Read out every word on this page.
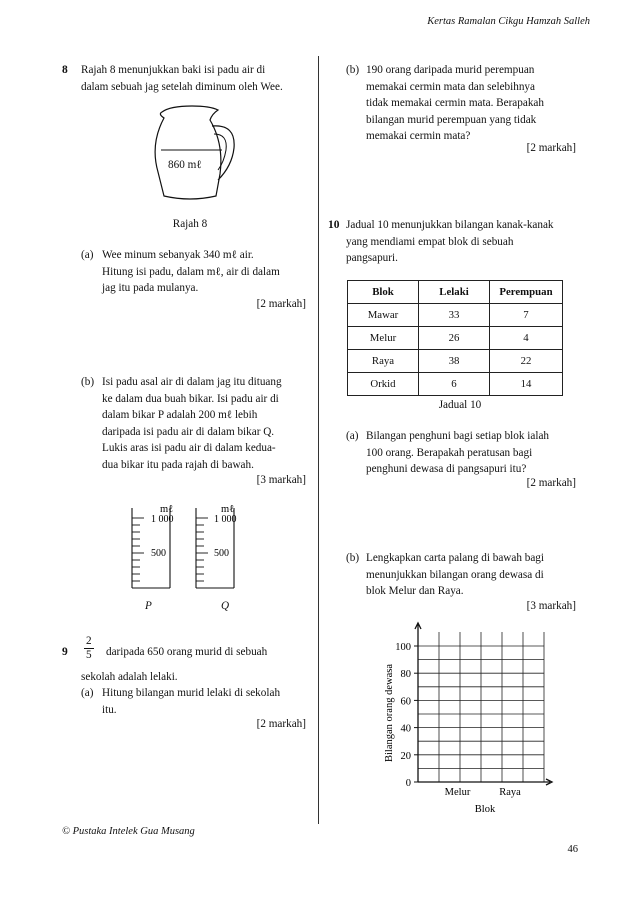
Kertas Ramalan Cikgu Hamzah Salleh
8 Rajah 8 menunjukkan baki isi padu air di

dalam sebuah jag setelah diminum oleh Wee.

860 mℓ
Rajah 8
(a) Wee minum sebanyak 340 mℓ air.

Hitung isi padu, dalam mℓ, air di dalam

jag itu pada mulanya.

[2 markah]
(b) Isi padu asal air di dalam jag itu dituang

ke dalam dua buah bikar. Isi padu air di

dalam bikar P adalah 200 mℓ lebih

daripada isi padu air di dalam bikar Q.

Lukis aras isi padu air di dalam kedua-

dua bikar itu pada rajah di bawah.

[3 markah]
mℓ
1 000
500
mℓ
1 000
500
P	Q
$9 \frac{2}{5}$ daripada 650 orang murid di sebuah
sekolah adalah lelaki.
(a) Hitung bilangan murid lelaki di sekolah

itu.

[2 markah]
(b) 190 orang daripada murid perempuan

memakai cermin mata dan selebihnya

tidak memakai cermin mata. Berapakah

bilangan murid perempuan yang tidak

memakai cermin mata?

[2 markah]
10 Jadual 10 menunjukkan bilangan kanak-kanak

yang mendiami empat blok di sebuah

pangsapuri.

Blok	Lelaki	Perempuan
Mawar	33	7
Melur	26	4
Raya	38	22
Orkid	6	14
Jadual 10
(a) Bilangan penghuni bagi setiap blok ialah

100 orang. Berapakah peratusan bagi

penghuni dewasa di pangsapuri itu?

[2 markah]
(b) Lengkapkan carta palang di bawah bagi

menunjukkan bilangan orang dewasa di

blok Melur dan Raya.

[3 markah]
0
20
40
60
80
100
Melur	Raya
Bilangan orang dewasa
Blok
© Pustaka Intelek Gua Musang
46
